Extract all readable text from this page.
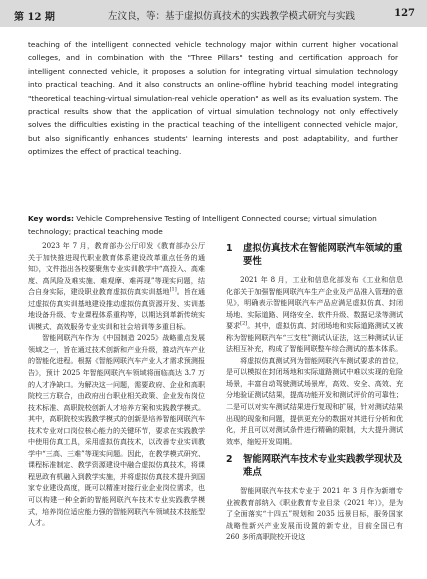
第 12 期	左汶良，等：基于虚拟仿真技术的实践教学模式研究与实践	127
teaching of the intelligent connected vehicle technology major within current higher vocational colleges, and in combination with the "Three Pillars" testing and certification approach for intelligent connected vehicle, it proposes a solution for integrating virtual simulation technology into practical teaching. And it also constructs an online-offline hybrid teaching model integrating "theoretical teaching-virtual simulation-real vehicle operation" as well as its evaluation system. The practical results show that the application of virtual simulation technology not only effectively solves the difficulties existing in the practical teaching of the intelligent connected vehicle major, but also significantly enhances students' learning interests and post adaptability, and further optimizes the effect of practical teaching.
Key words: Vehicle Comprehensive Testing of Intelligent Connected course; virtual simulation technology; practical teaching mode

2023 年 7 月，教育部办公厅印发《教育部办公厅关于加快推进现代职业教育体系建设改革重点任务的通知》，文件指出各校要聚焦专业实训教学中“高投入、高难度、高风险及难实施、难观摩、难再现”等现实问题，结合自身实际，建设职业教育虚拟仿真实训基地[1]。旨在通过虚拟仿真实训基地建设推动虚拟仿真资源开发、实训基地设备升级、专业课程体系重构等，以期达到革新传统实训模式、高效服务专业实训和社会培训等多重目标。

智能网联汽车作为《中国制造 2025》战略重点发展领域之一，旨在通过技术创新和产业升级，推动汽车产业的智能化进程。根据《智能网联汽车产业人才需求预测报告》，预计 2025 年智能网联汽车领域将面临高达 3.7 万的人才净缺口。为解决这一问题，需要政府、企业和高职院校三方联合，由政府出台职业相关政策、企业发布岗位技术标准、高职院校创新人才培养方案和实践教学模式。其中，高职院校实践教学模式的创新是培养智能网联汽车技术专业对口岗位核心能力的关键环节，要求在实践教学中使用仿真工具，采用虚拟仿真技术，以改善专业实训教学中“三高、三难”等现实问题。因此，在教学模式研究、课程标准制定、教学资源建设中融合虚拟仿真技术，将课程思政有机融入到教学实施，并将虚拟仿真技术提升到国家专业建设高度，既可以精准对接行业企业岗位需求，也可以构建一种全新的智能网联汽车技术专业实践教学模式，培养岗位适应能力强的智能网联汽车领域技术技能型人才。

1 虚拟仿真技术在智能网联汽车领域的重要性

2021 年 8 月，工业和信息化部发布《工业和信息化部关于加强智能网联汽车生产企业及产品准入管理的意见》，明确表示智能网联汽车产品应满足虚拟仿真、封闭场地、实际道路、网络安全、软件升级、数据记录等测试要求[2]。其中，虚拟仿真、封闭场地和实际道路测试又被称为智能网联汽车“三支柱”测试认证法，这三种测试认证法相互补充，构成了智能网联整车综合测试的基本体系。

将虚拟仿真测试列为智能网联汽车测试要求的首位，是可以模拟在封闭场地和实际道路测试中难以实现的危险场景，丰富自动驾驶测试场景库，高效、安全、高效、充分地验证测试结果，提高功能开发和测试评价的可靠性；二是可以对实车测试结果进行复现和扩展，针对测试结果出现的现象和问题，提供更充分的数据对其进行分析和优化，并且可以对测试条件进行精确的限制，大大提升测试效率，缩短开发周期。

2 智能网联汽车技术专业实践教学现状及难点

智能网联汽车技术专业于 2021 年 3 月作为新增专业被教育部纳入《职业教育专业目录（2021 年）》，是为了全面落实“十四五”规划和 2035 远景目标，服务国家战略性新兴产业发展而设置的新专业，目前全国已有 260 多所高职院校开设这
